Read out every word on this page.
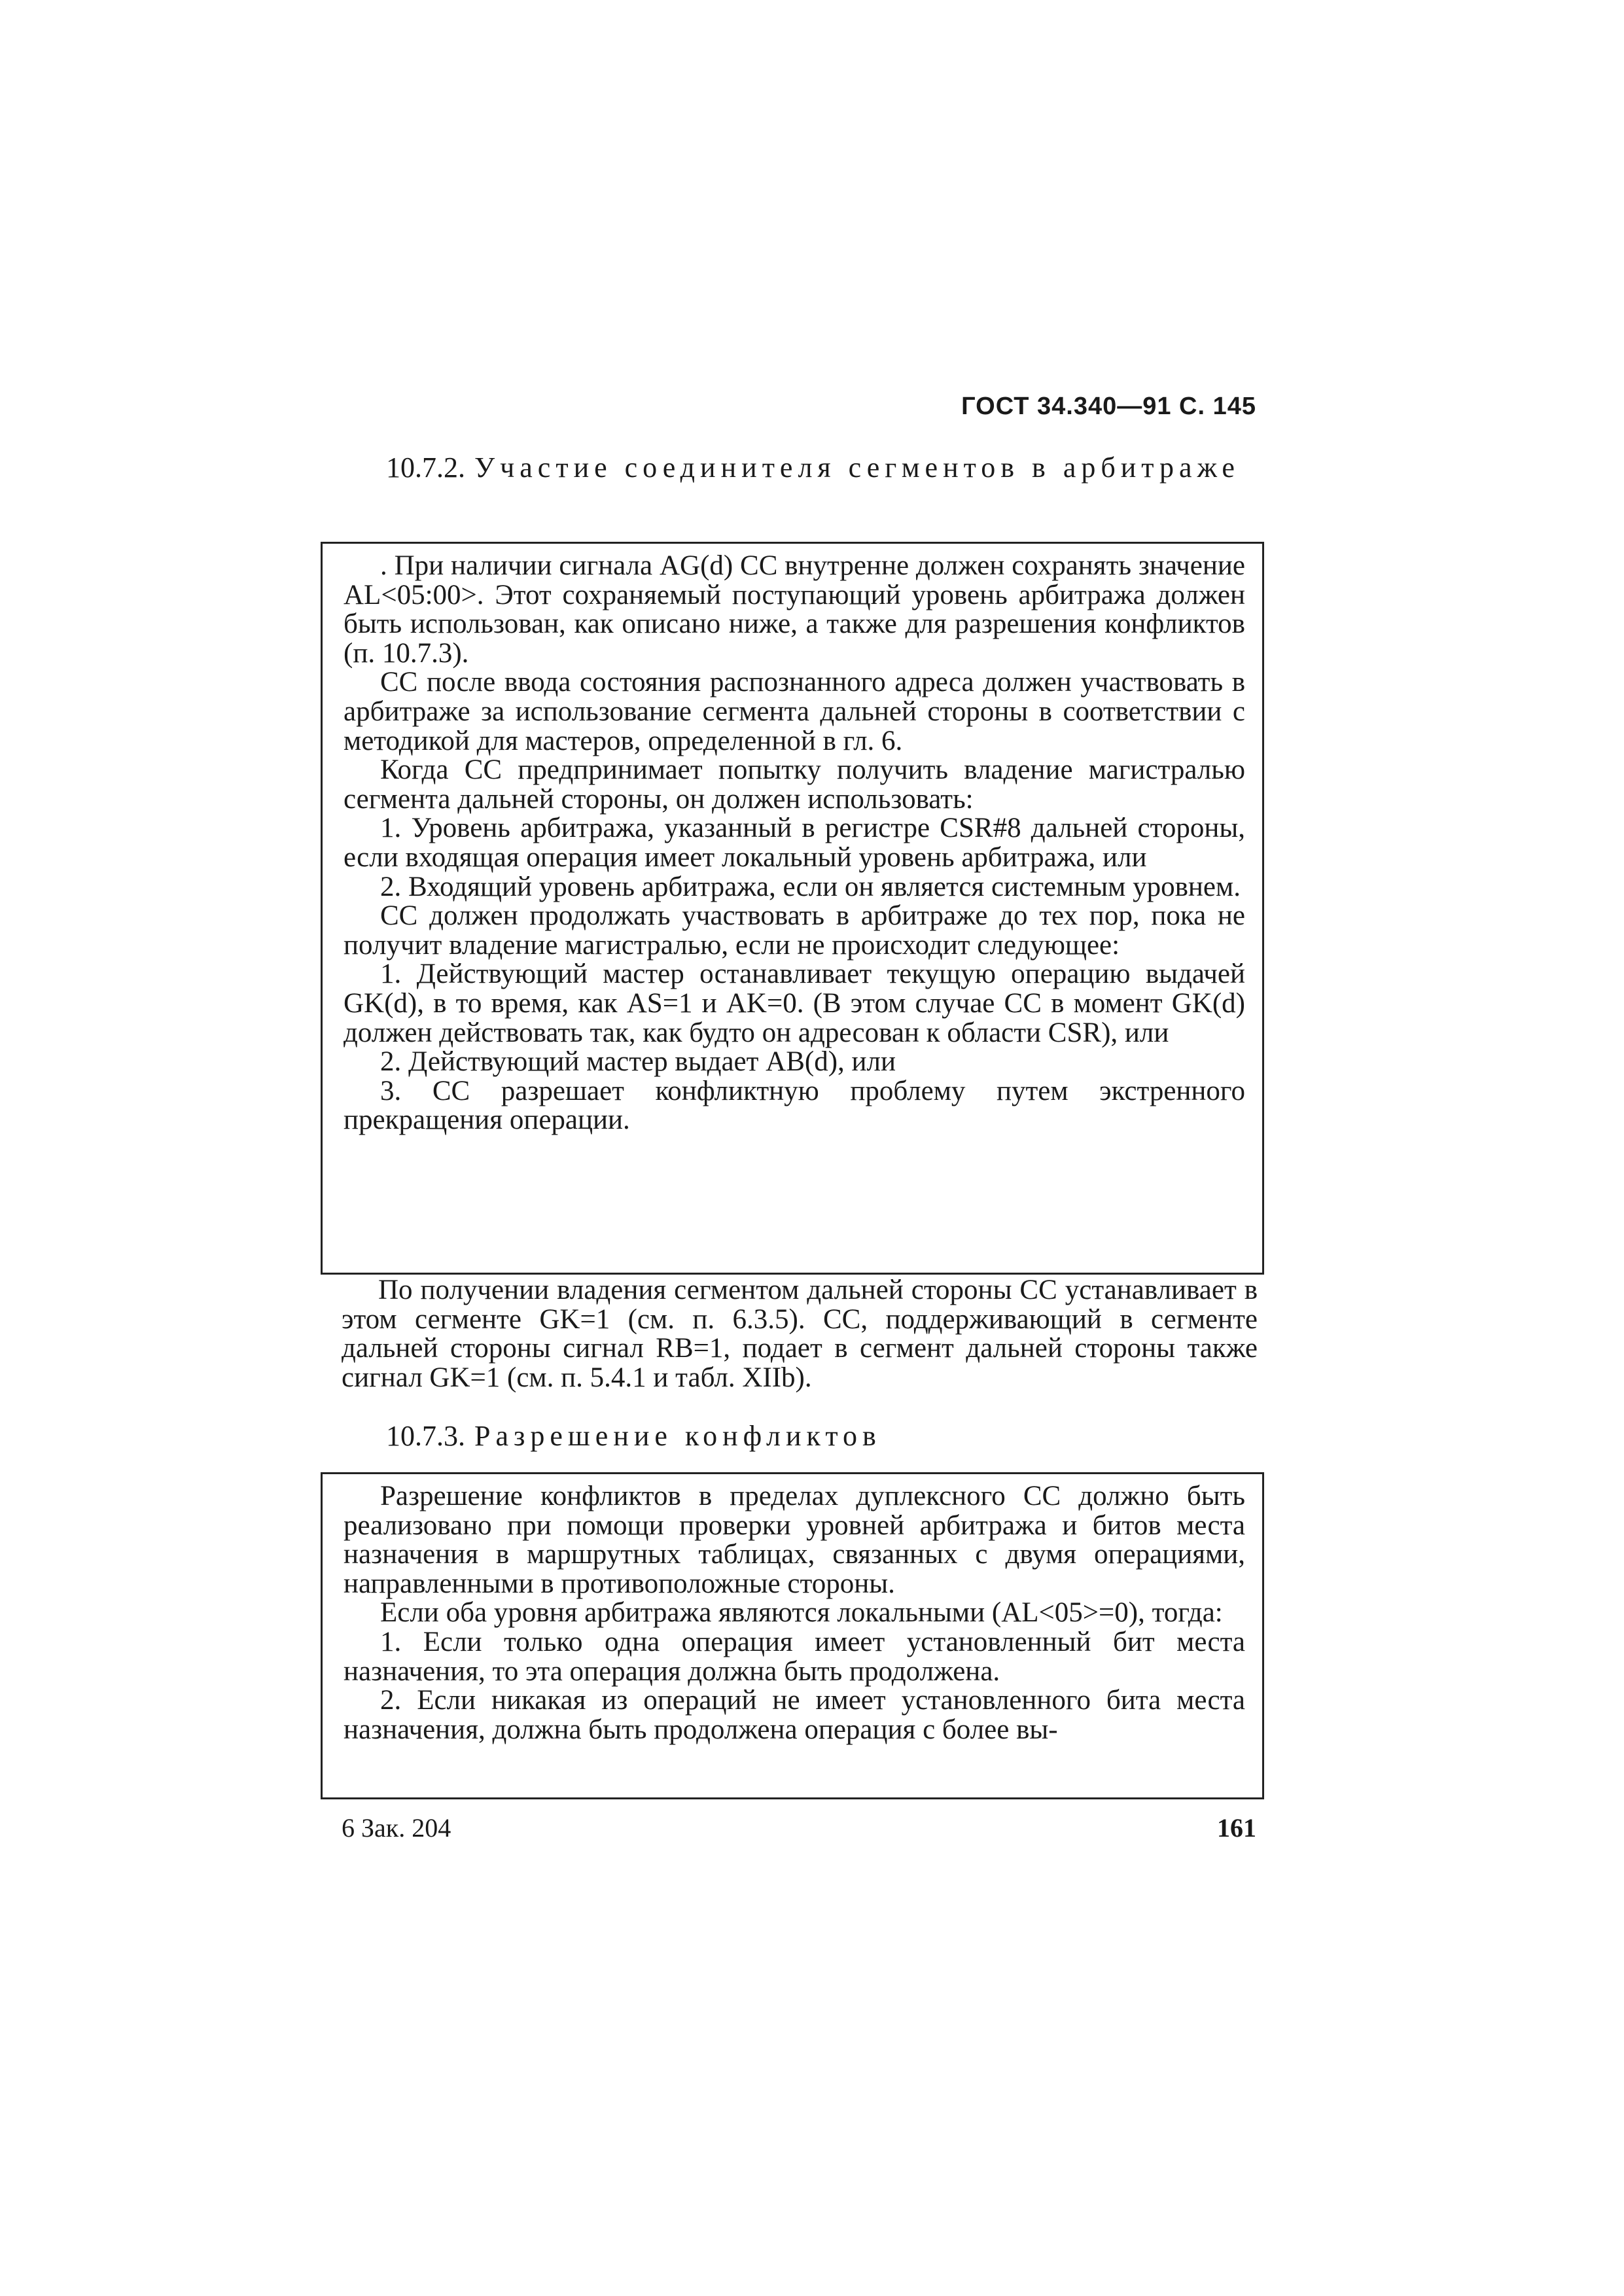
ГОСТ 34.340—91 С. 145
10.7.2. Участие соединителя сегментов в арбитраже

. При наличии сигнала AG(d) СС внутренне должен сохранять значение AL<05:00>. Этот сохраняемый поступающий уровень арбитража должен быть использован, как описано ниже, а также для разрешения конфликтов (п. 10.7.3).

СС после ввода состояния распознанного адреса должен участвовать в арбитраже за использование сегмента дальней стороны в соответствии с методикой для мастеров, определенной в гл. 6.

Когда СС предпринимает попытку получить владение магистралью сегмента дальней стороны, он должен использовать:

1. Уровень арбитража, указанный в регистре CSR#8 дальней стороны, если входящая операция имеет локальный уровень арбитража, или

2. Входящий уровень арбитража, если он является системным уровнем.

СС должен продолжать участвовать в арбитраже до тех пор, пока не получит владение магистралью, если не происходит следующее:

1. Действующий мастер останавливает текущую операцию выдачей GK(d), в то время, как AS=1 и AK=0. (В этом случае СС в момент GK(d) должен действовать так, как будто он адресован к области CSR), или

2. Действующий мастер выдает AB(d), или

3. СС разрешает конфликтную проблему путем экстренного прекращения операции.

По получении владения сегментом дальней стороны СС устанавливает в этом сегменте GK=1 (см. п. 6.3.5). СС, поддерживающий в сегменте дальней стороны сигнал RB=1, подает в сегмент дальней стороны также сигнал GK=1 (см. п. 5.4.1 и табл. XIIb).

10.7.3. Разрешение конфликтов

Разрешение конфликтов в пределах дуплексного СС должно быть реализовано при помощи проверки уровней арбитража и битов места назначения в маршрутных таблицах, связанных с двумя операциями, направленными в противоположные стороны.

Если оба уровня арбитража являются локальными (AL<05>=0), тогда:

1. Если только одна операция имеет установленный бит места назначения, то эта операция должна быть продолжена.

2. Если никакая из операций не имеет установленного бита места назначения, должна быть продолжена операция с более вы-

6 Зак. 204	161
